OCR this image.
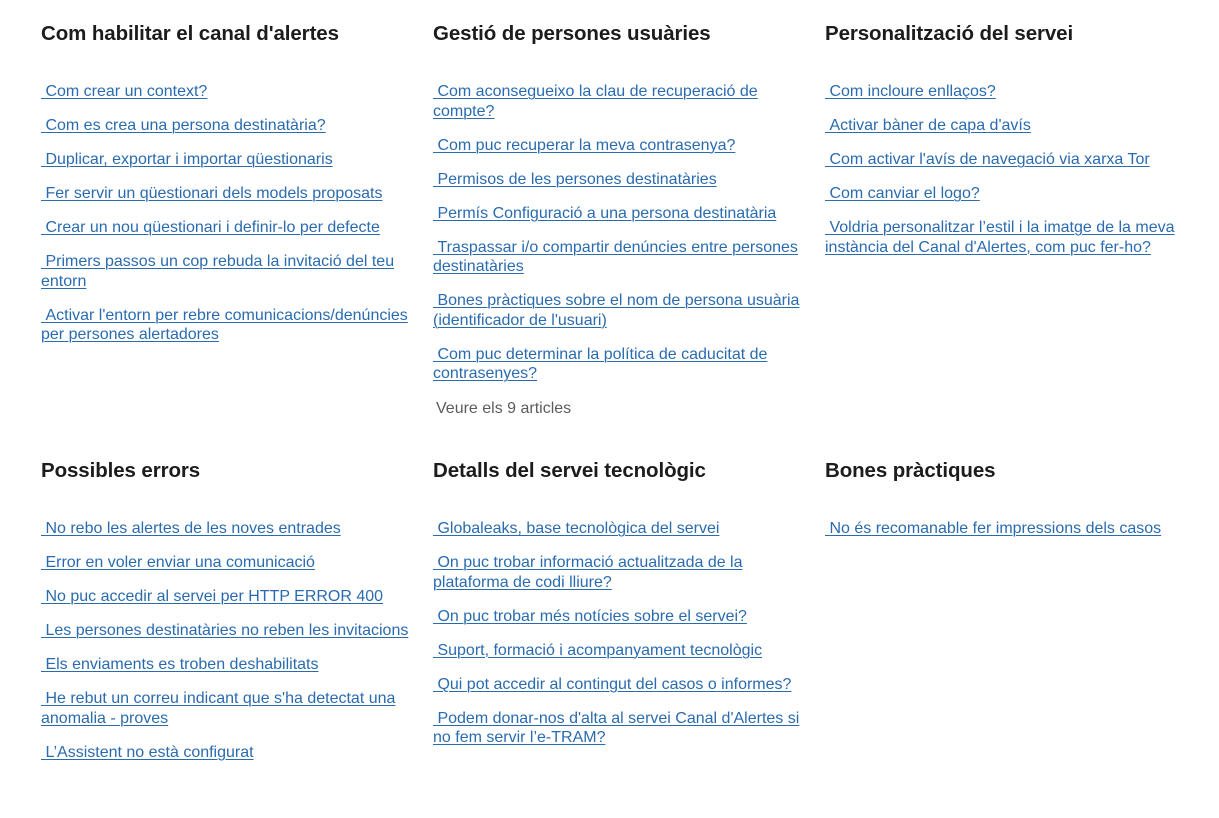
Com habilitar el canal d'alertes
Com crear un context?
Com es crea una persona destinatària?
Duplicar, exportar i importar qüestionaris
Fer servir un qüestionari dels models proposats
Crear un nou qüestionari i definir-lo per defecte
Primers passos un cop rebuda la invitació del teu entorn
Activar l'entorn per rebre comunicacions/denúncies per persones alertadores
Gestió de persones usuàries
Com aconsegueixo la clau de recuperació de compte?
Com puc recuperar la meva contrasenya?
Permisos de les persones destinatàries
Permís Configuració a una persona destinatària
Traspassar i/o compartir denúncies entre persones destinatàries
Bones pràctiques sobre el nom de persona usuària (identificador de l'usuari)
Com puc determinar la política de caducitat de contrasenyes?
Veure els 9 articles
Personalització del servei
Com incloure enllaços?
Activar bàner de capa d'avís
Com activar l'avís de navegació via xarxa Tor
Com canviar el logo?
Voldria personalitzar l’estil i la imatge de la meva instància del Canal d'Alertes, com puc fer-ho?
Possibles errors
No rebo les alertes de les noves entrades
Error en voler enviar una comunicació
No puc accedir al servei per HTTP ERROR 400
Les persones destinatàries no reben les invitacions
Els enviaments es troben deshabilitats
He rebut un correu indicant que s'ha detectat una anomalia - proves
L’Assistent no està configurat
Detalls del servei tecnològic
Globaleaks, base tecnològica del servei
On puc trobar informació actualitzada de la plataforma de codi lliure?
On puc trobar més notícies sobre el servei?
Suport, formació i acompanyament tecnològic
Qui pot accedir al contingut del casos o informes?
Podem donar-nos d'alta al servei Canal d'Alertes si no fem servir l’e-TRAM?
Bones pràctiques
No és recomanable fer impressions dels casos
